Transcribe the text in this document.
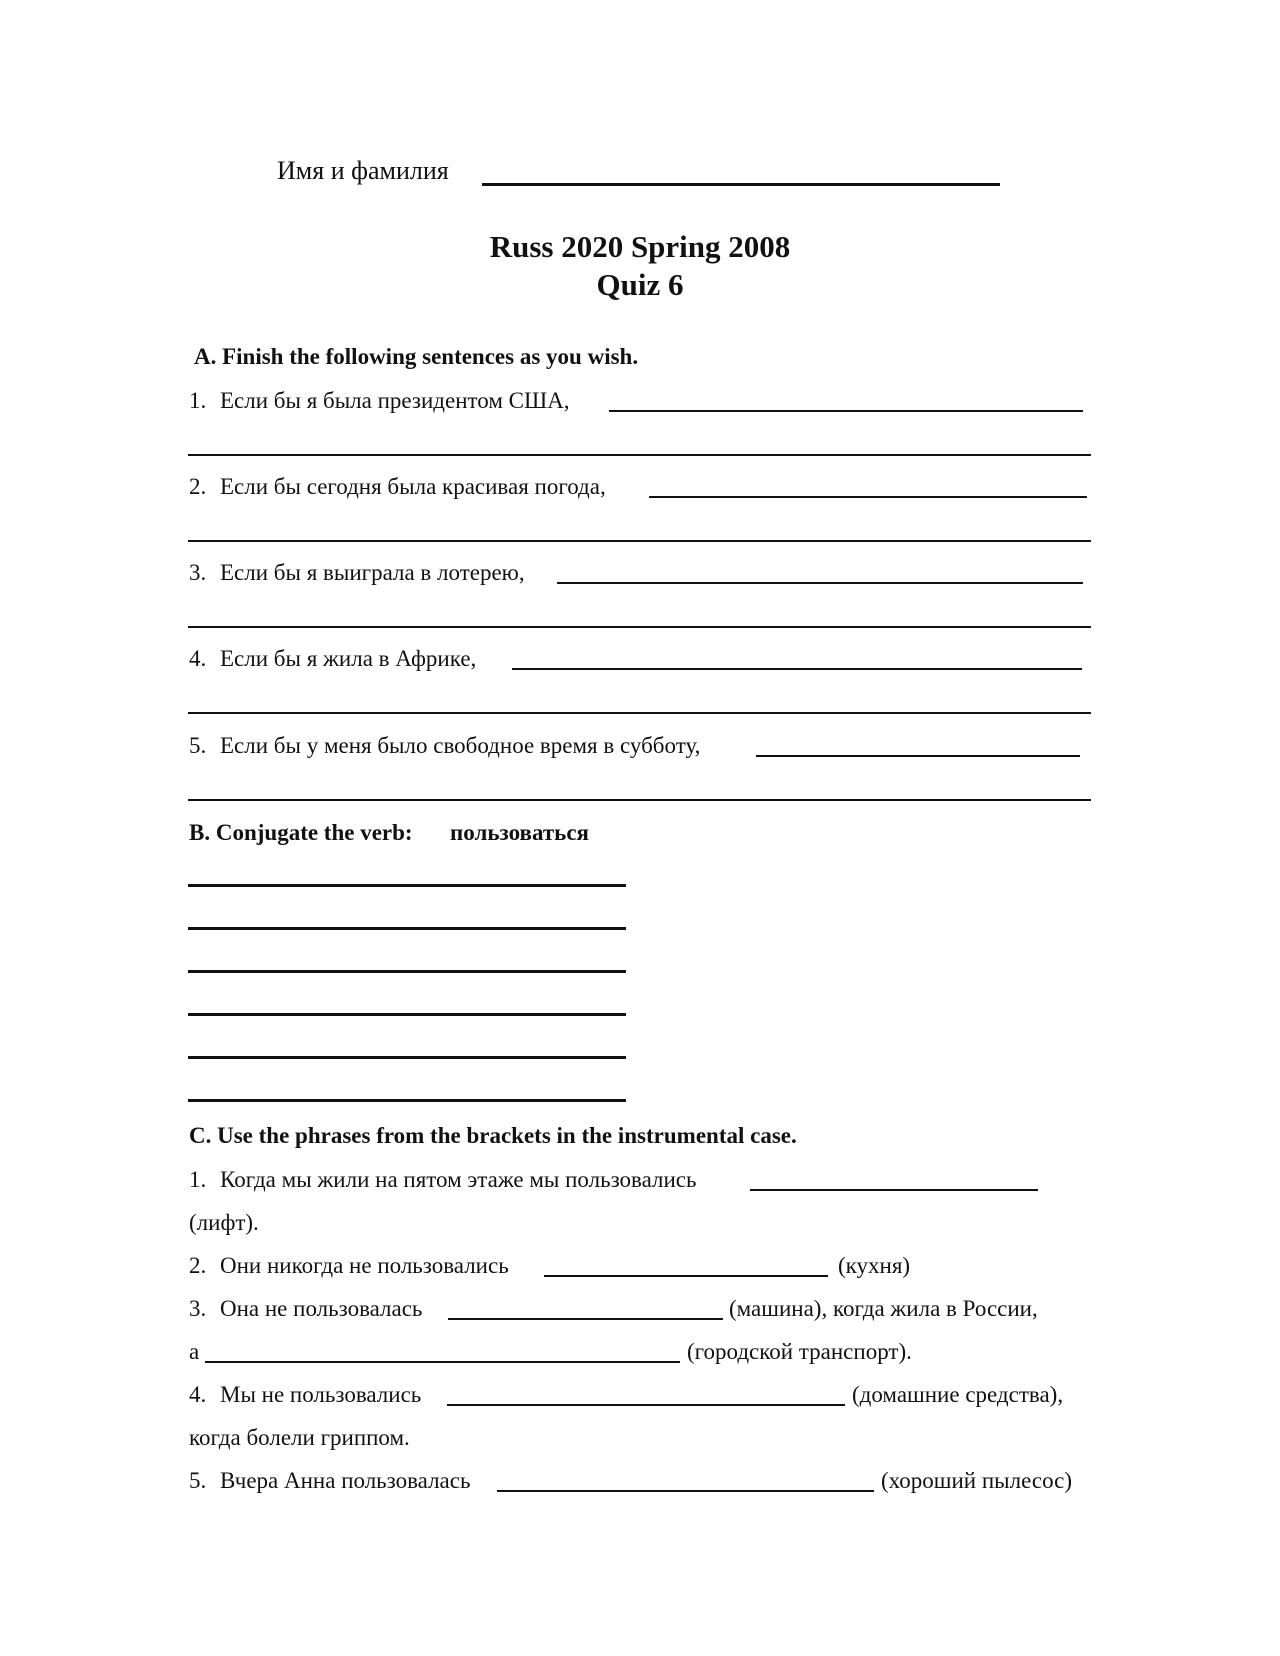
Имя и фамилия
Russ 2020 Spring 2008
Quiz 6
A. Finish the following sentences as you wish.
1. Если бы я была президентом США,
2. Если бы сегодня была красивая погода,
3. Если бы я выиграла в лотерею,
4. Если бы я жила в Африке,
5. Если бы у меня было свободное время в субботу,
B. Conjugate the verb: пользоваться
C. Use the phrases from the brackets in the instrumental case.
1. Когда мы жили на пятом этаже мы пользовались
(лифт).
2. Они никогда не пользовались	(кухня)
3. Она не пользовалась	(машина), когда жила в России,
а	(городской транспорт).
4. Мы не пользовались	(домашние средства),
когда болели гриппом.
5. Вчера Анна пользовалась	(хороший пылесос)
